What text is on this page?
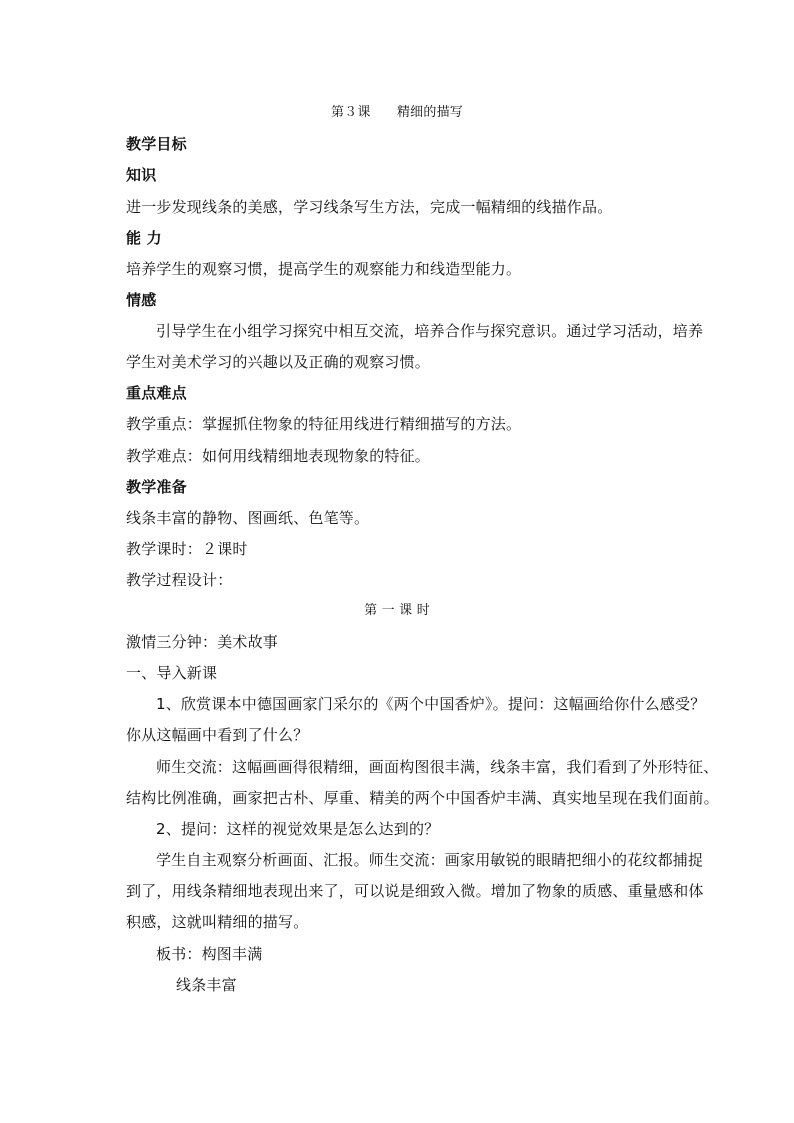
第３课　　精细的描写
教学目标
知识
进一步发现线条的美感，学习线条写生方法，完成一幅精细的线描作品。
能 力
培养学生的观察习惯，提高学生的观察能力和线造型能力。
情感
引导学生在小组学习探究中相互交流，培养合作与探究意识。通过学习活动，培养
学生对美术学习的兴趣以及正确的观察习惯。
重点难点
教学重点：掌握抓住物象的特征用线进行精细描写的方法。
教学难点：如何用线精细地表现物象的特征。
教学准备
线条丰富的静物、图画纸、色笔等。
教学课时：２课时
教学过程设计：
第 一 课 时
激情三分钟：美术故事
一、导入新课
1、欣赏课本中德国画家门采尔的《两个中国香炉》。提问：这幅画给你什么感受？
你从这幅画中看到了什么？
师生交流：这幅画画得很精细，画面构图很丰满，线条丰富，我们看到了外形特征、
结构比例准确，画家把古朴、厚重、精美的两个中国香炉丰满、真实地呈现在我们面前。
2、提问：这样的视觉效果是怎么达到的？
学生自主观察分析画面、汇报。师生交流：画家用敏锐的眼睛把细小的花纹都捕捉
到了，用线条精细地表现出来了，可以说是细致入微。增加了物象的质感、重量感和体
积感，这就叫精细的描写。
板书：构图丰满
线条丰富
